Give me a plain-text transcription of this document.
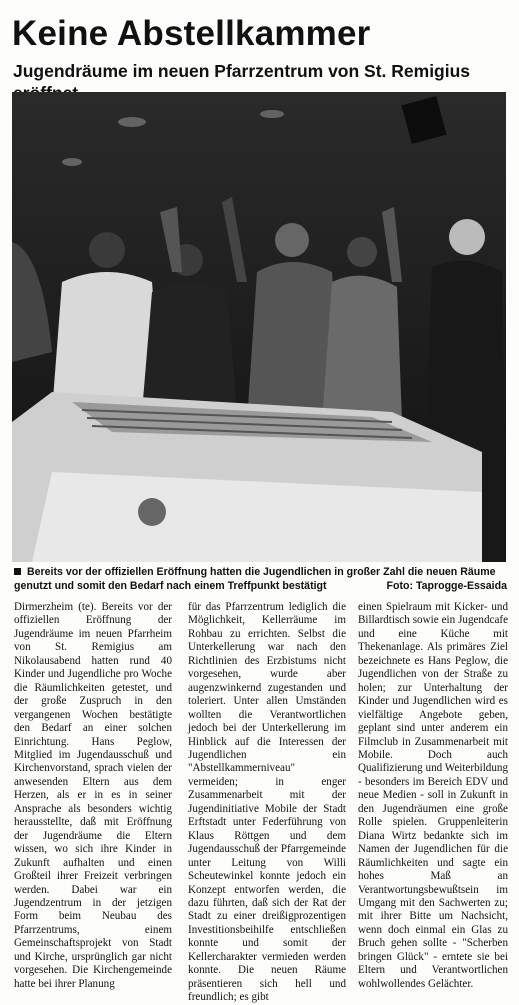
Keine Abstellkammer
Jugendräume im neuen Pfarrzentrum von St. Remigius
Bereits vor der offiziellen Eröffnung hatten die Jugendlichen in großer Zahl die neuen Räume genutzt und somit den Bedarf nach einem Treffpunkt bestätigt	Foto: Taprogge-Essaida
Dirmerzheim (te). Bereits vor der offiziellen Eröffnung der Jugendräume im neuen Pfarrheim von St. Remigius am Nikolausabend hatten rund 40 Kinder und Jugendliche pro Woche die Räumlichkeiten getestet, und der große Zuspruch in den vergangenen Wochen bestätigte den Bedarf an einer solchen Einrichtung. Hans Peglow, Mitglied im Jugendausschuß und Kirchenvorstand, sprach vielen der anwesenden Eltern aus dem Herzen, als er in es in seiner Ansprache als besonders wichtig herausstellte, daß mit Eröffnung der Jugendräume die Eltern wissen, wo sich ihre Kinder in Zukunft aufhalten und einen Großteil ihrer Freizeit verbringen werden. Dabei war ein Jugendzentrum in der jetzigen Form beim Neubau des Pfarrzentrums, einem Gemeinschaftsprojekt von Stadt und Kirche, ursprünglich gar nicht vorgesehen. Die Kirchengemeinde hatte bei ihrer Planung
für das Pfarrzentrum lediglich die Möglichkeit, Kellerräume im Rohbau zu errichten. Selbst die Unterkellerung war nach den Richtlinien des Erzbistums nicht vorgesehen, wurde aber augenzwinkernd zugestanden und toleriert. Unter allen Umständen wollten die Verantwortlichen jedoch bei der Unterkellerung im Hinblick auf die Interessen der Jugendlichen ein "Abstellkammerniveau" vermeiden; in enger Zusammenarbeit mit der Jugendinitiative Mobile der Stadt Erftstadt unter Federführung von Klaus Röttgen und dem Jugendausschuß der Pfarrgemeinde unter Leitung von Willi Scheutewinkel konnte jedoch ein Konzept entworfen werden, die dazu führten, daß sich der Rat der Stadt zu einer dreißigprozentigen Investitionsbeihilfe entschließen konnte und somit der Kellercharakter vermieden werden konnte. Die neuen Räume präsentieren sich hell und freundlich; es gibt
einen Spielraum mit Kicker- und Billardtisch sowie ein Jugendcafe und eine Küche mit Thekenanlage. Als primäres Ziel bezeichnete es Hans Peglow, die Jugendlichen von der Straße zu holen; zur Unterhaltung der Kinder und Jugendlichen wird es vielfältige Angebote geben, geplant sind unter anderem ein Filmclub in Zusammenarbeit mit Mobile. Doch auch Qualifizierung und Weiterbildung - besonders im Bereich EDV und neue Medien - soll in Zukunft in den Jugendräumen eine große Rolle spielen. Gruppenleiterin Diana Wirtz bedankte sich im Namen der Jugendlichen für die Räumlichkeiten und sagte ein hohes Maß an Verantwortungsbewußtsein im Umgang mit den Sachwerten zu; mit ihrer Bitte um Nachsicht, wenn doch einmal ein Glas zu Bruch gehen sollte - "Scherben bringen Glück" - erntete sie bei Eltern und Verantwortlichen wohlwollendes Gelächter.
